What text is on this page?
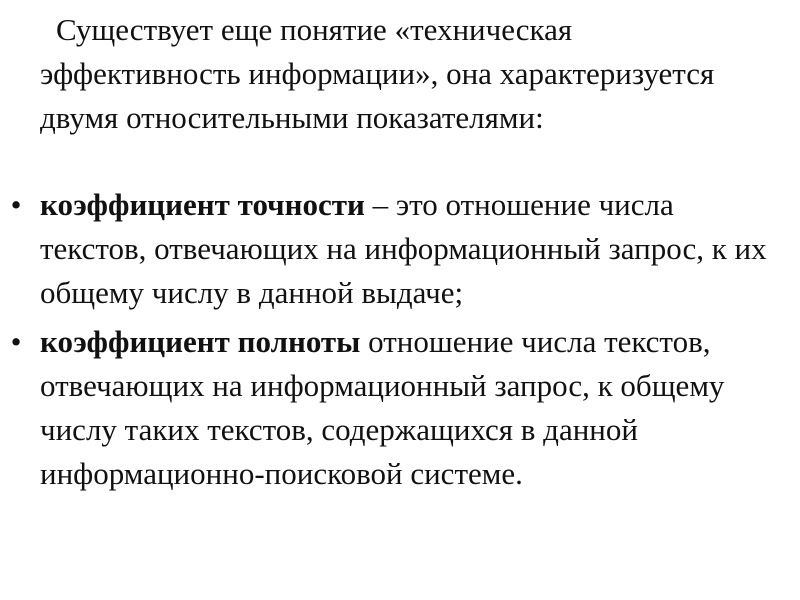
Существует еще понятие «техническая эффективность информации», она характеризуется двумя относительными показателями:

• коэффициент точности – это отношение числа текстов, отвечающих на информационный запрос, к их общему числу в данной выдаче;

• коэффициент полноты отношение числа текстов, отвечающих на информационный запрос, к общему числу таких текстов, содержащихся в данной информационно-поисковой системе.
